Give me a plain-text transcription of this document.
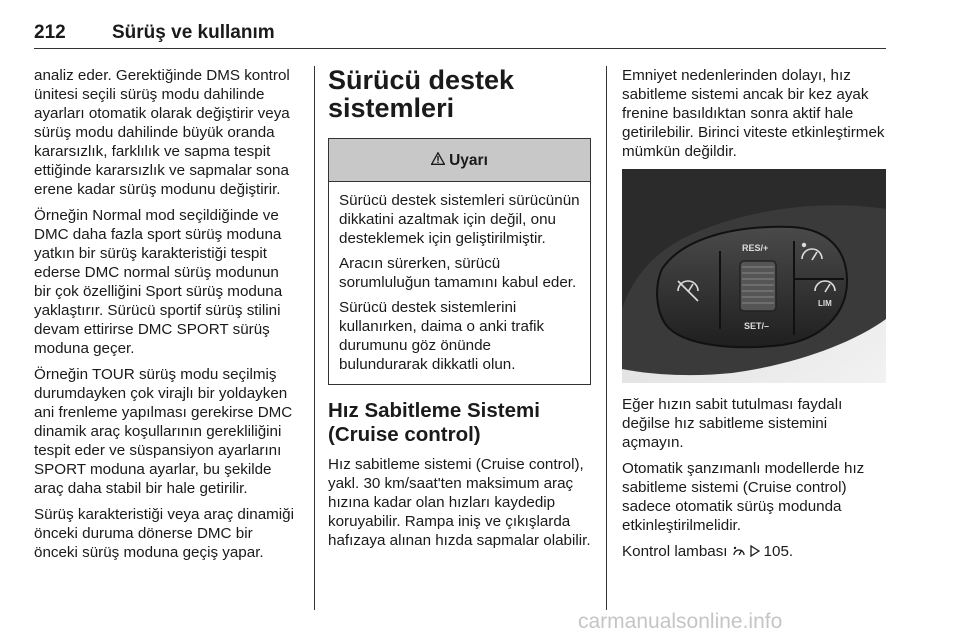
212 Sürüş ve kullanım

analiz eder. Gerektiğinde DMS kontrol ünitesi seçili sürüş modu dahilinde ayarları otomatik olarak değiştirir veya sürüş modu dahilinde büyük oranda kararsızlık, farklılık ve sapma tespit ettiğinde kararsızlık ve sapmalar sona erene kadar sürüş modunu değiştirir.

Örneğin Normal mod seçildiğinde ve DMC daha fazla sport sürüş moduna yatkın bir sürüş karakteristiği tespit ederse DMC normal sürüş modunun bir çok özelliğini Sport sürüş moduna yaklaştırır. Sürücü sportif sürüş stilini devam ettirirse DMC SPORT sürüş moduna geçer.

Örneğin TOUR sürüş modu seçilmiş durumdayken çok virajlı bir yoldayken ani frenleme yapılması gerekirse DMC dinamik araç koşullarının gerekliliğini tespit eder ve süspansiyon ayarlarını SPORT moduna ayarlar, bu şekilde araç daha stabil bir hale getirilir.

Sürüş karakteristiği veya araç dinamiği önceki duruma dönerse DMC bir önceki sürüş moduna geçiş yapar.

Sürücü destek sistemleri
Uyarı

Sürücü destek sistemleri sürücünün dikkatini azaltmak için değil, onu desteklemek için geliştirilmiştir.

Aracın sürerken, sürücü sorumluluğun tamamını kabul eder.

Sürücü destek sistemlerini kullanırken, daima o anki trafik durumunu göz önünde bulundurarak dikkatli olun.

Hız Sabitleme Sistemi (Cruise control)

Hız sabitleme sistemi (Cruise control), yakl. 30 km/saat'ten maksimum araç hızına kadar olan hızları kaydedip koruyabilir. Rampa iniş ve çıkışlarda hafızaya alınan hızda sapmalar olabilir.

Emniyet nedenlerinden dolayı, hız sabitleme sistemi ancak bir kez ayak frenine basıldıktan sonra aktif hale getirilebilir. Birinci viteste etkinleştirmek mümkün değildir.

RES/+
SET/–
LIM

Eğer hızın sabit tutulması faydalı değilse hız sabitleme sistemini açmayın.

Otomatik şanzımanlı modellerde hız sabitleme sistemi (Cruise control) sadece otomatik sürüş modunda etkinleştirilmelidir.

Kontrol lambası 105.

carmanualsonline.info
